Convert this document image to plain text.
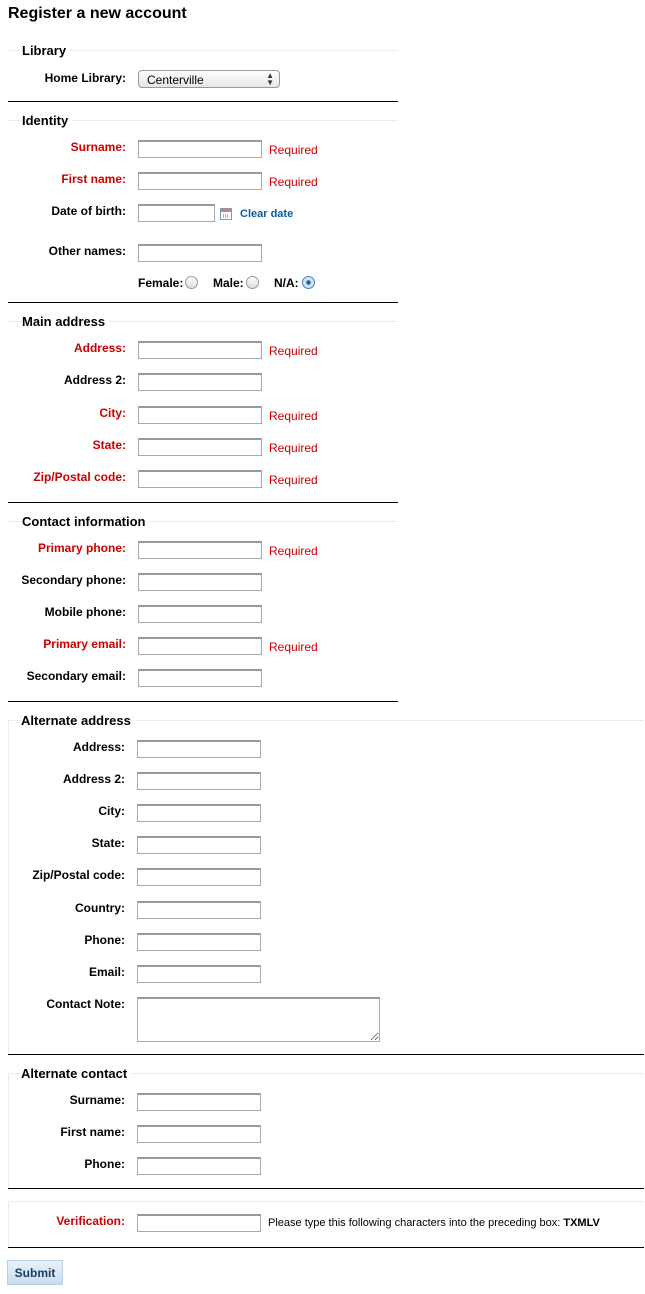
Register a new account
Library
Home Library:	Centerville	▲
▼
Identity
Surname:	Required
First name:	Required
Date of birth:	Clear date
Other names:
Female: Male:	N/A:
Main address
Address:	Required
Address 2:
City:	Required
State:	Required
Zip/Postal code:	Required
Contact information
Primary phone:	Required
Secondary phone:
Mobile phone:
Primary email:	Required
Secondary email:
Alternate address
Address:
Address 2:
City:
State:
Zip/Postal code:
Country:
Phone:
Email:
Contact Note:
Alternate contact
Surname:
First name:
Phone:
Verification:	Please type this following characters into the preceding box: TXMLV
Submit
